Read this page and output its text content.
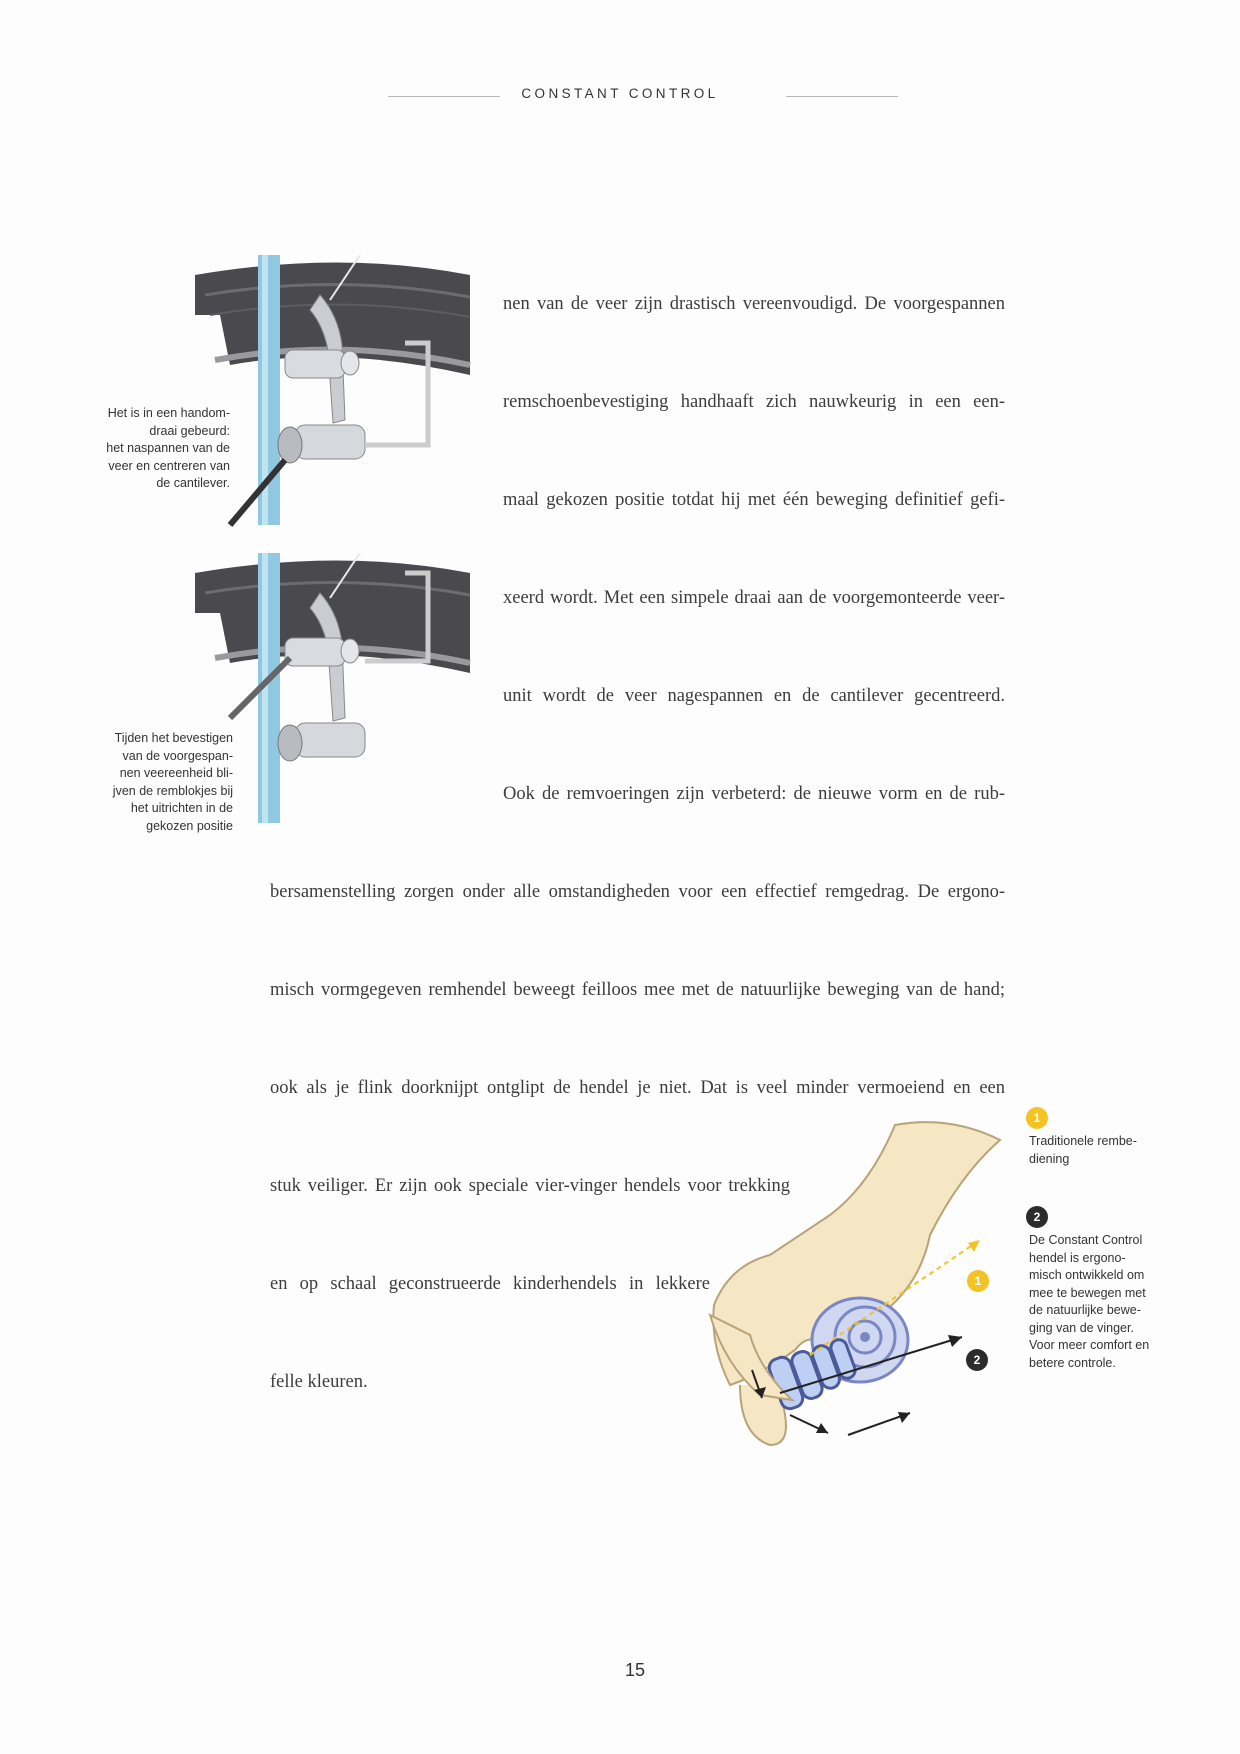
CONSTANT CONTROL

Het is in een handom-
draai gebeurd:
het naspannen van de
veer en centreren van
de cantilever.

Tijden het bevestigen
van de voorgespan-
nen veereenheid bli-
jven de remblokjes bij
het uitrichten in de
gekozen positie

nen van de veer zijn drastisch vereenvoudigd. De voorgespannen

remschoenbevestiging handhaaft zich nauwkeurig in een een-

maal gekozen positie totdat hij met één beweging definitief gefi-

xeerd wordt. Met een simpele draai aan de voorgemonteerde veer-

unit wordt de veer nagespannen en de cantilever gecentreerd.

Ook de remvoeringen zijn verbeterd: de nieuwe vorm en de rub-

bersamenstelling zorgen onder alle omstandigheden voor een effectief remgedrag. De ergono-

misch vormgegeven remhendel beweegt feilloos mee met de natuurlijke beweging van de hand;

ook als je flink doorknijpt ontglipt de hendel je niet. Dat is veel minder vermoeiend en een

stuk veiliger. Er zijn ook speciale vier-vinger hendels voor trekking

en op schaal geconstrueerde kinderhendels in lekkere

felle kleuren.

1
2
1

Traditionele rembe-
diening

2

De Constant Control
hendel is ergono-
misch ontwikkeld om
mee te bewegen met
de natuurlijke bewe-
ging van de vinger.
Voor meer comfort en
betere controle.

15
